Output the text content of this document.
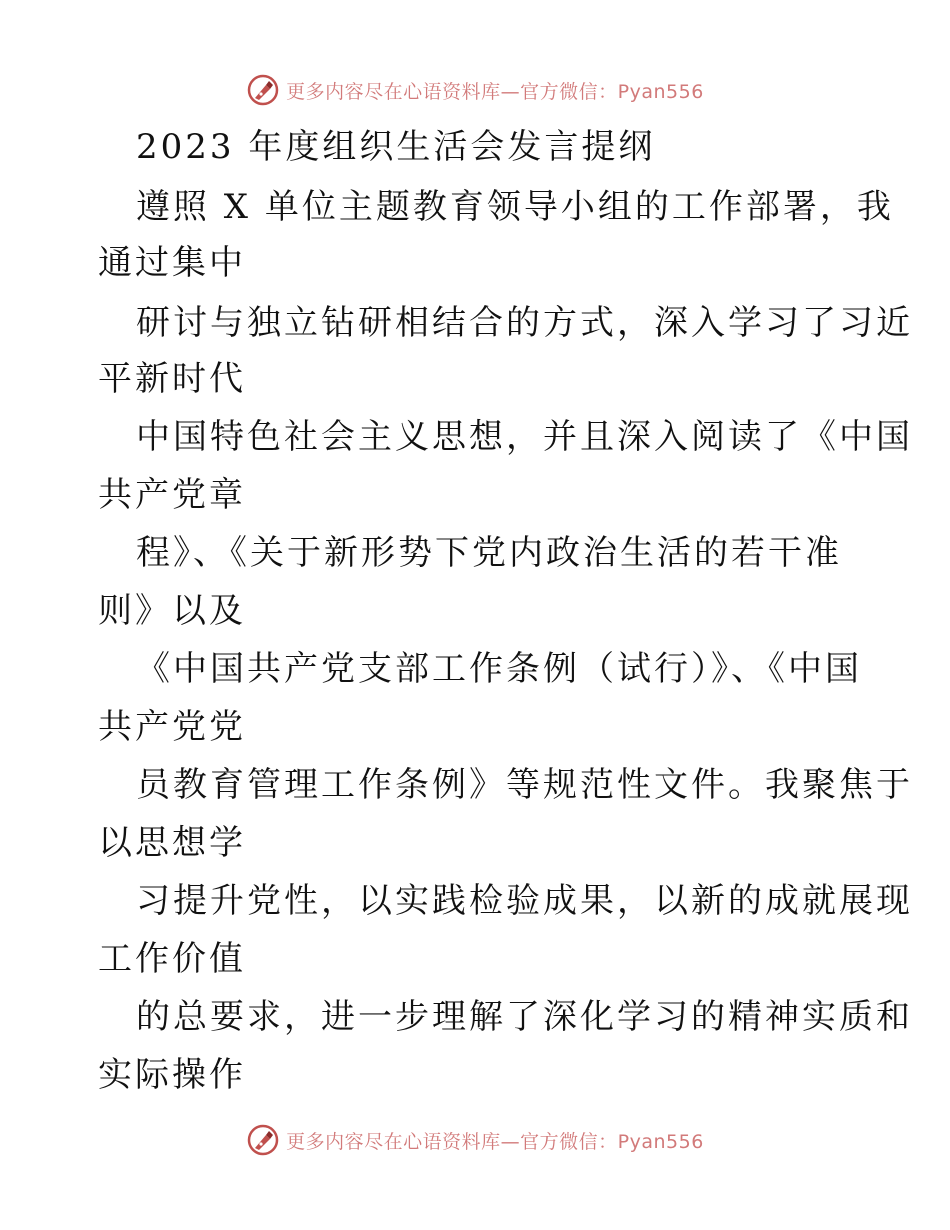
更多内容尽在心语资料库—官方微信：Pyan556
2023 年度组织生活会发言提纲
遵照 X 单位主题教育领导小组的工作部署，我
通过集中
研讨与独立钻研相结合的方式，深入学习了习近
平新时代
中国特色社会主义思想，并且深入阅读了《中国
共产党章
程》、《关于新形势下党内政治生活的若干准
则》以及
《中国共产党支部工作条例（试行）》、《中国
共产党党
员教育管理工作条例》等规范性文件。我聚焦于
以思想学
习提升党性，以实践检验成果，以新的成就展现
工作价值
的总要求，进一步理解了深化学习的精神实质和
实际操作
更多内容尽在心语资料库—官方微信：Pyan556
